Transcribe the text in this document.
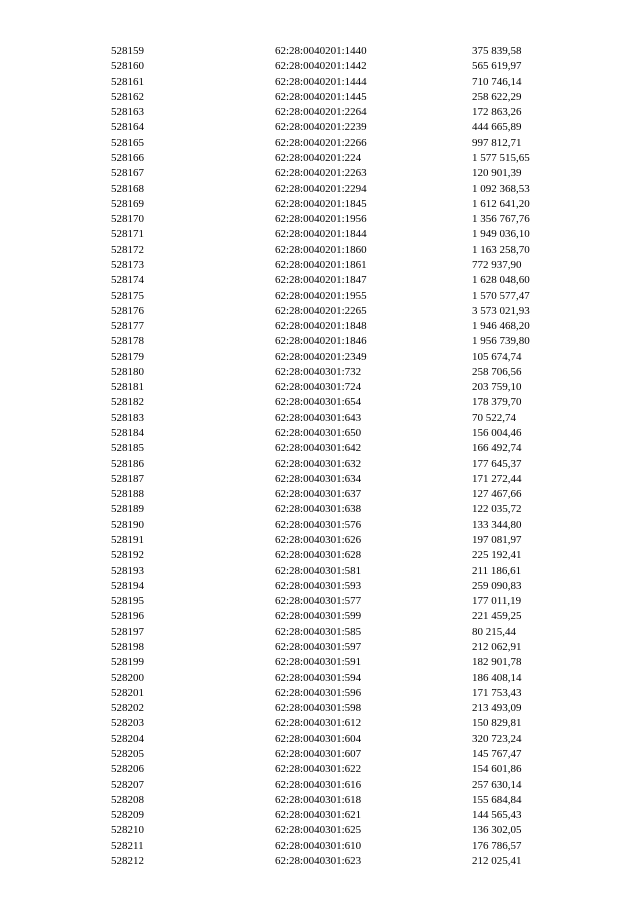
528159	62:28:0040201:1440	375 839,58
528160	62:28:0040201:1442	565 619,97
528161	62:28:0040201:1444	710 746,14
528162	62:28:0040201:1445	258 622,29
528163	62:28:0040201:2264	172 863,26
528164	62:28:0040201:2239	444 665,89
528165	62:28:0040201:2266	997 812,71
528166	62:28:0040201:224	1 577 515,65
528167	62:28:0040201:2263	120 901,39
528168	62:28:0040201:2294	1 092 368,53
528169	62:28:0040201:1845	1 612 641,20
528170	62:28:0040201:1956	1 356 767,76
528171	62:28:0040201:1844	1 949 036,10
528172	62:28:0040201:1860	1 163 258,70
528173	62:28:0040201:1861	772 937,90
528174	62:28:0040201:1847	1 628 048,60
528175	62:28:0040201:1955	1 570 577,47
528176	62:28:0040201:2265	3 573 021,93
528177	62:28:0040201:1848	1 946 468,20
528178	62:28:0040201:1846	1 956 739,80
528179	62:28:0040201:2349	105 674,74
528180	62:28:0040301:732	258 706,56
528181	62:28:0040301:724	203 759,10
528182	62:28:0040301:654	178 379,70
528183	62:28:0040301:643	70 522,74
528184	62:28:0040301:650	156 004,46
528185	62:28:0040301:642	166 492,74
528186	62:28:0040301:632	177 645,37
528187	62:28:0040301:634	171 272,44
528188	62:28:0040301:637	127 467,66
528189	62:28:0040301:638	122 035,72
528190	62:28:0040301:576	133 344,80
528191	62:28:0040301:626	197 081,97
528192	62:28:0040301:628	225 192,41
528193	62:28:0040301:581	211 186,61
528194	62:28:0040301:593	259 090,83
528195	62:28:0040301:577	177 011,19
528196	62:28:0040301:599	221 459,25
528197	62:28:0040301:585	80 215,44
528198	62:28:0040301:597	212 062,91
528199	62:28:0040301:591	182 901,78
528200	62:28:0040301:594	186 408,14
528201	62:28:0040301:596	171 753,43
528202	62:28:0040301:598	213 493,09
528203	62:28:0040301:612	150 829,81
528204	62:28:0040301:604	320 723,24
528205	62:28:0040301:607	145 767,47
528206	62:28:0040301:622	154 601,86
528207	62:28:0040301:616	257 630,14
528208	62:28:0040301:618	155 684,84
528209	62:28:0040301:621	144 565,43
528210	62:28:0040301:625	136 302,05
528211	62:28:0040301:610	176 786,57
528212	62:28:0040301:623	212 025,41
